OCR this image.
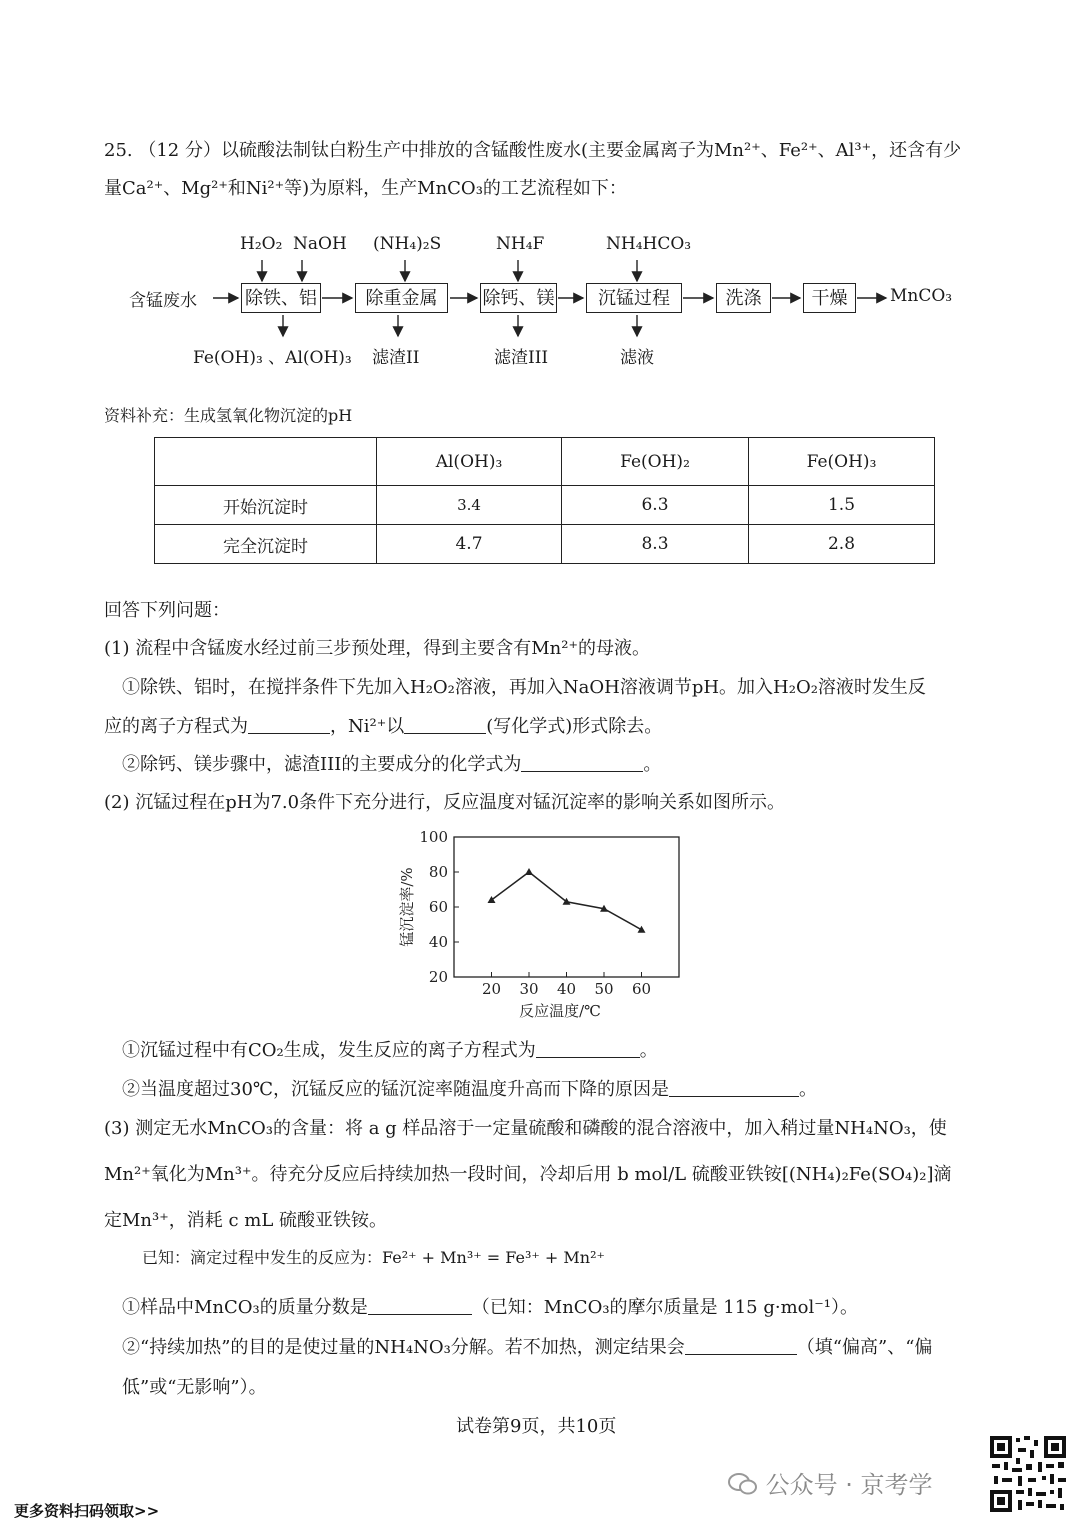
25. （12 分）以硫酸法制钛白粉生产中排放的含锰酸性废水(主要金属离子为Mn²⁺、Fe²⁺、Al³⁺，还含有少
量Ca²⁺、Mg²⁺和Ni²⁺等)为原料，生产MnCO₃的工艺流程如下：
含锰废水	除铁、铝	除重金属	除钙、镁	沉锰过程	洗涤	干燥	MnCO₃
H₂O₂ NaOH (NH₄)₂S	NH₄F	NH₄HCO₃
Fe(OH)₃ 、Al(OH)₃ 滤渣II	滤渣III	滤液
资料补充：生成氢氧化物沉淀的pH
	Al(OH)₃	Fe(OH)₂	Fe(OH)₃
开始沉淀时	3.4	6.3	1.5
完全沉淀时	4.7	8.3	2.8
回答下列问题：
(1) 流程中含锰废水经过前三步预处理，得到主要含有Mn²⁺的母液。
①除铁、铝时，在搅拌条件下先加入H₂O₂溶液，再加入NaOH溶液调节pH。加入H₂O₂溶液时发生反
应的离子方程式为	，Ni²⁺以	(写化学式)形式除去。
②除钙、镁步骤中，滤渣III的主要成分的化学式为	。
(2) 沉锰过程在pH为7.0条件下充分进行，反应温度对锰沉淀率的影响关系如图所示。
20
40
60
80
100
20 30 40 50 60
锰沉淀率/%
反应温度/℃
①沉锰过程中有CO₂生成，发生反应的离子方程式为	。
②当温度超过30℃，沉锰反应的锰沉淀率随温度升高而下降的原因是	。
(3) 测定无水MnCO₃的含量：将 a g 样品溶于一定量硫酸和磷酸的混合溶液中，加入稍过量NH₄NO₃，使
Mn²⁺氧化为Mn³⁺。待充分反应后持续加热一段时间，冷却后用 b mol/L 硫酸亚铁铵[(NH₄)₂Fe(SO₄)₂]滴
定Mn³⁺，消耗 c mL 硫酸亚铁铵。
已知：滴定过程中发生的反应为：Fe²⁺ + Mn³⁺ = Fe³⁺ + Mn²⁺
①样品中MnCO₃的质量分数是	（已知：MnCO₃的摩尔质量是 115 g·mol⁻¹）。
②“持续加热”的目的是使过量的NH₄NO₃分解。若不加热，测定结果会	（填“偏高”、“偏
低”或“无影响”）。
试卷第9页，共10页
公众号 · 京考学
更多资料扫码领取>>
